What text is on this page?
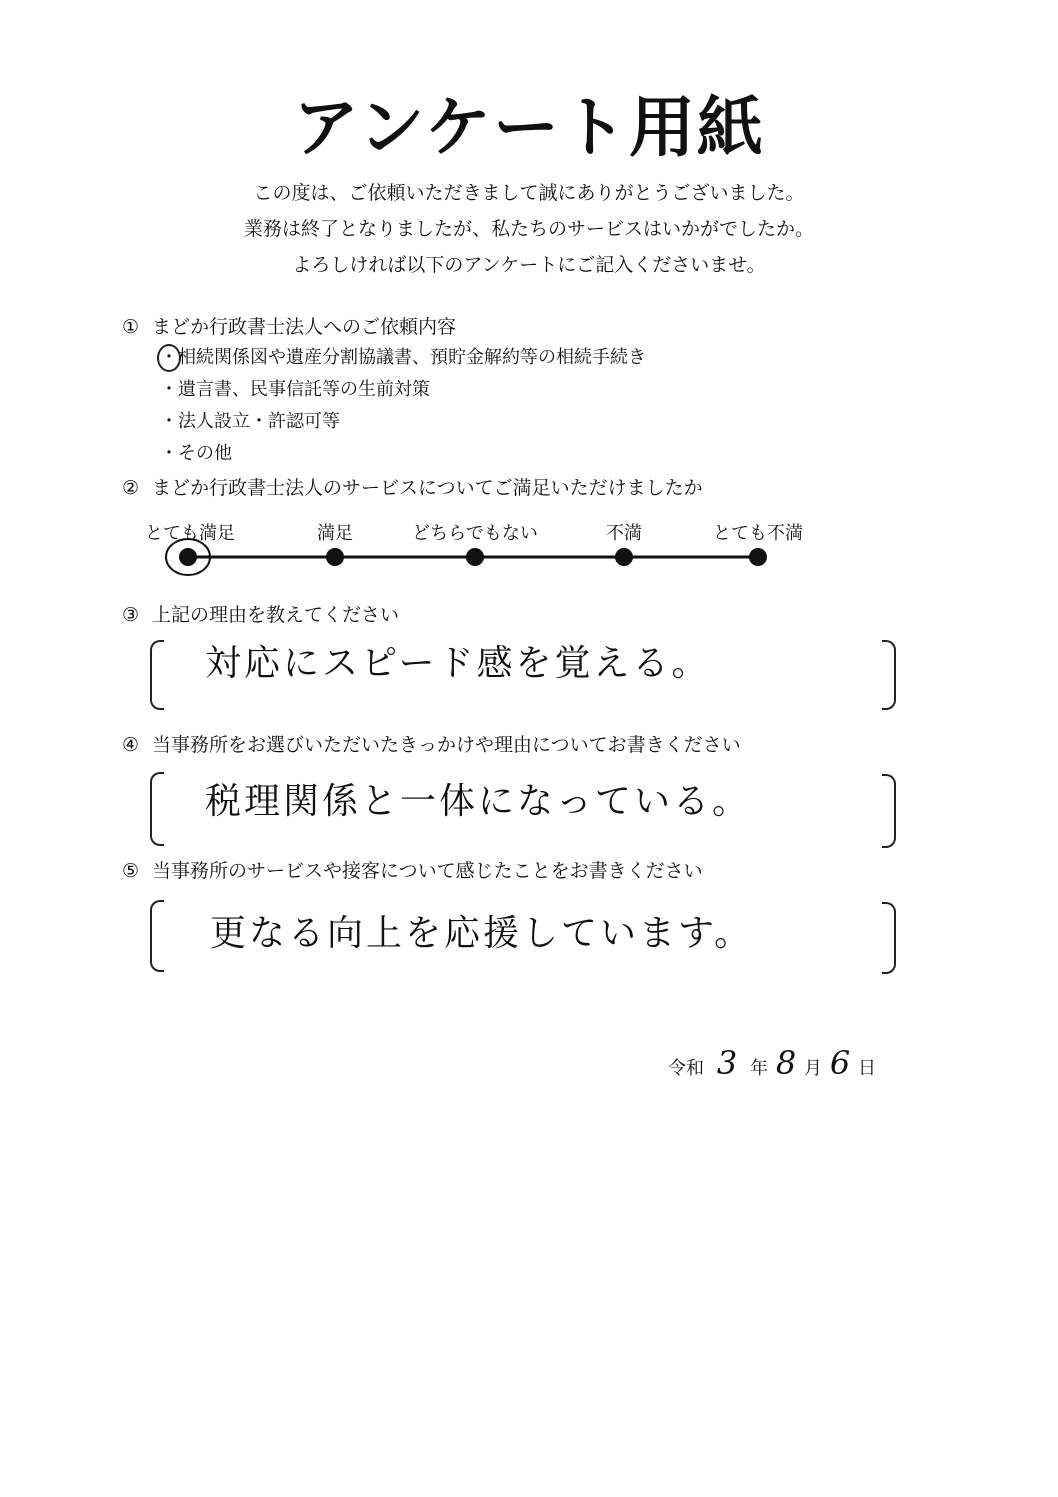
アンケート用紙
この度は、ご依頼いただきまして誠にありがとうございました。
業務は終了となりましたが、私たちのサービスはいかがでしたか。
よろしければ以下のアンケートにご記入くださいませ。
① まどか行政書士法人へのご依頼内容
・相続関係図や遺産分割協議書、預貯金解約等の相続手続き
・遺言書、民事信託等の生前対策
・法人設立・許認可等
・その他
② まどか行政書士法人のサービスについてご満足いただけましたか
とても満足	満足	どちらでもない	不満	とても不満
③ 上記の理由を教えてください
対応にスピード感を覚える。
④ 当事務所をお選びいただいたきっかけや理由についてお書きください
税理関係と一体になっている。
⑤ 当事務所のサービスや接客について感じたことをお書きください
更なる向上を応援しています。
令和 3 年 8 月 6 日
